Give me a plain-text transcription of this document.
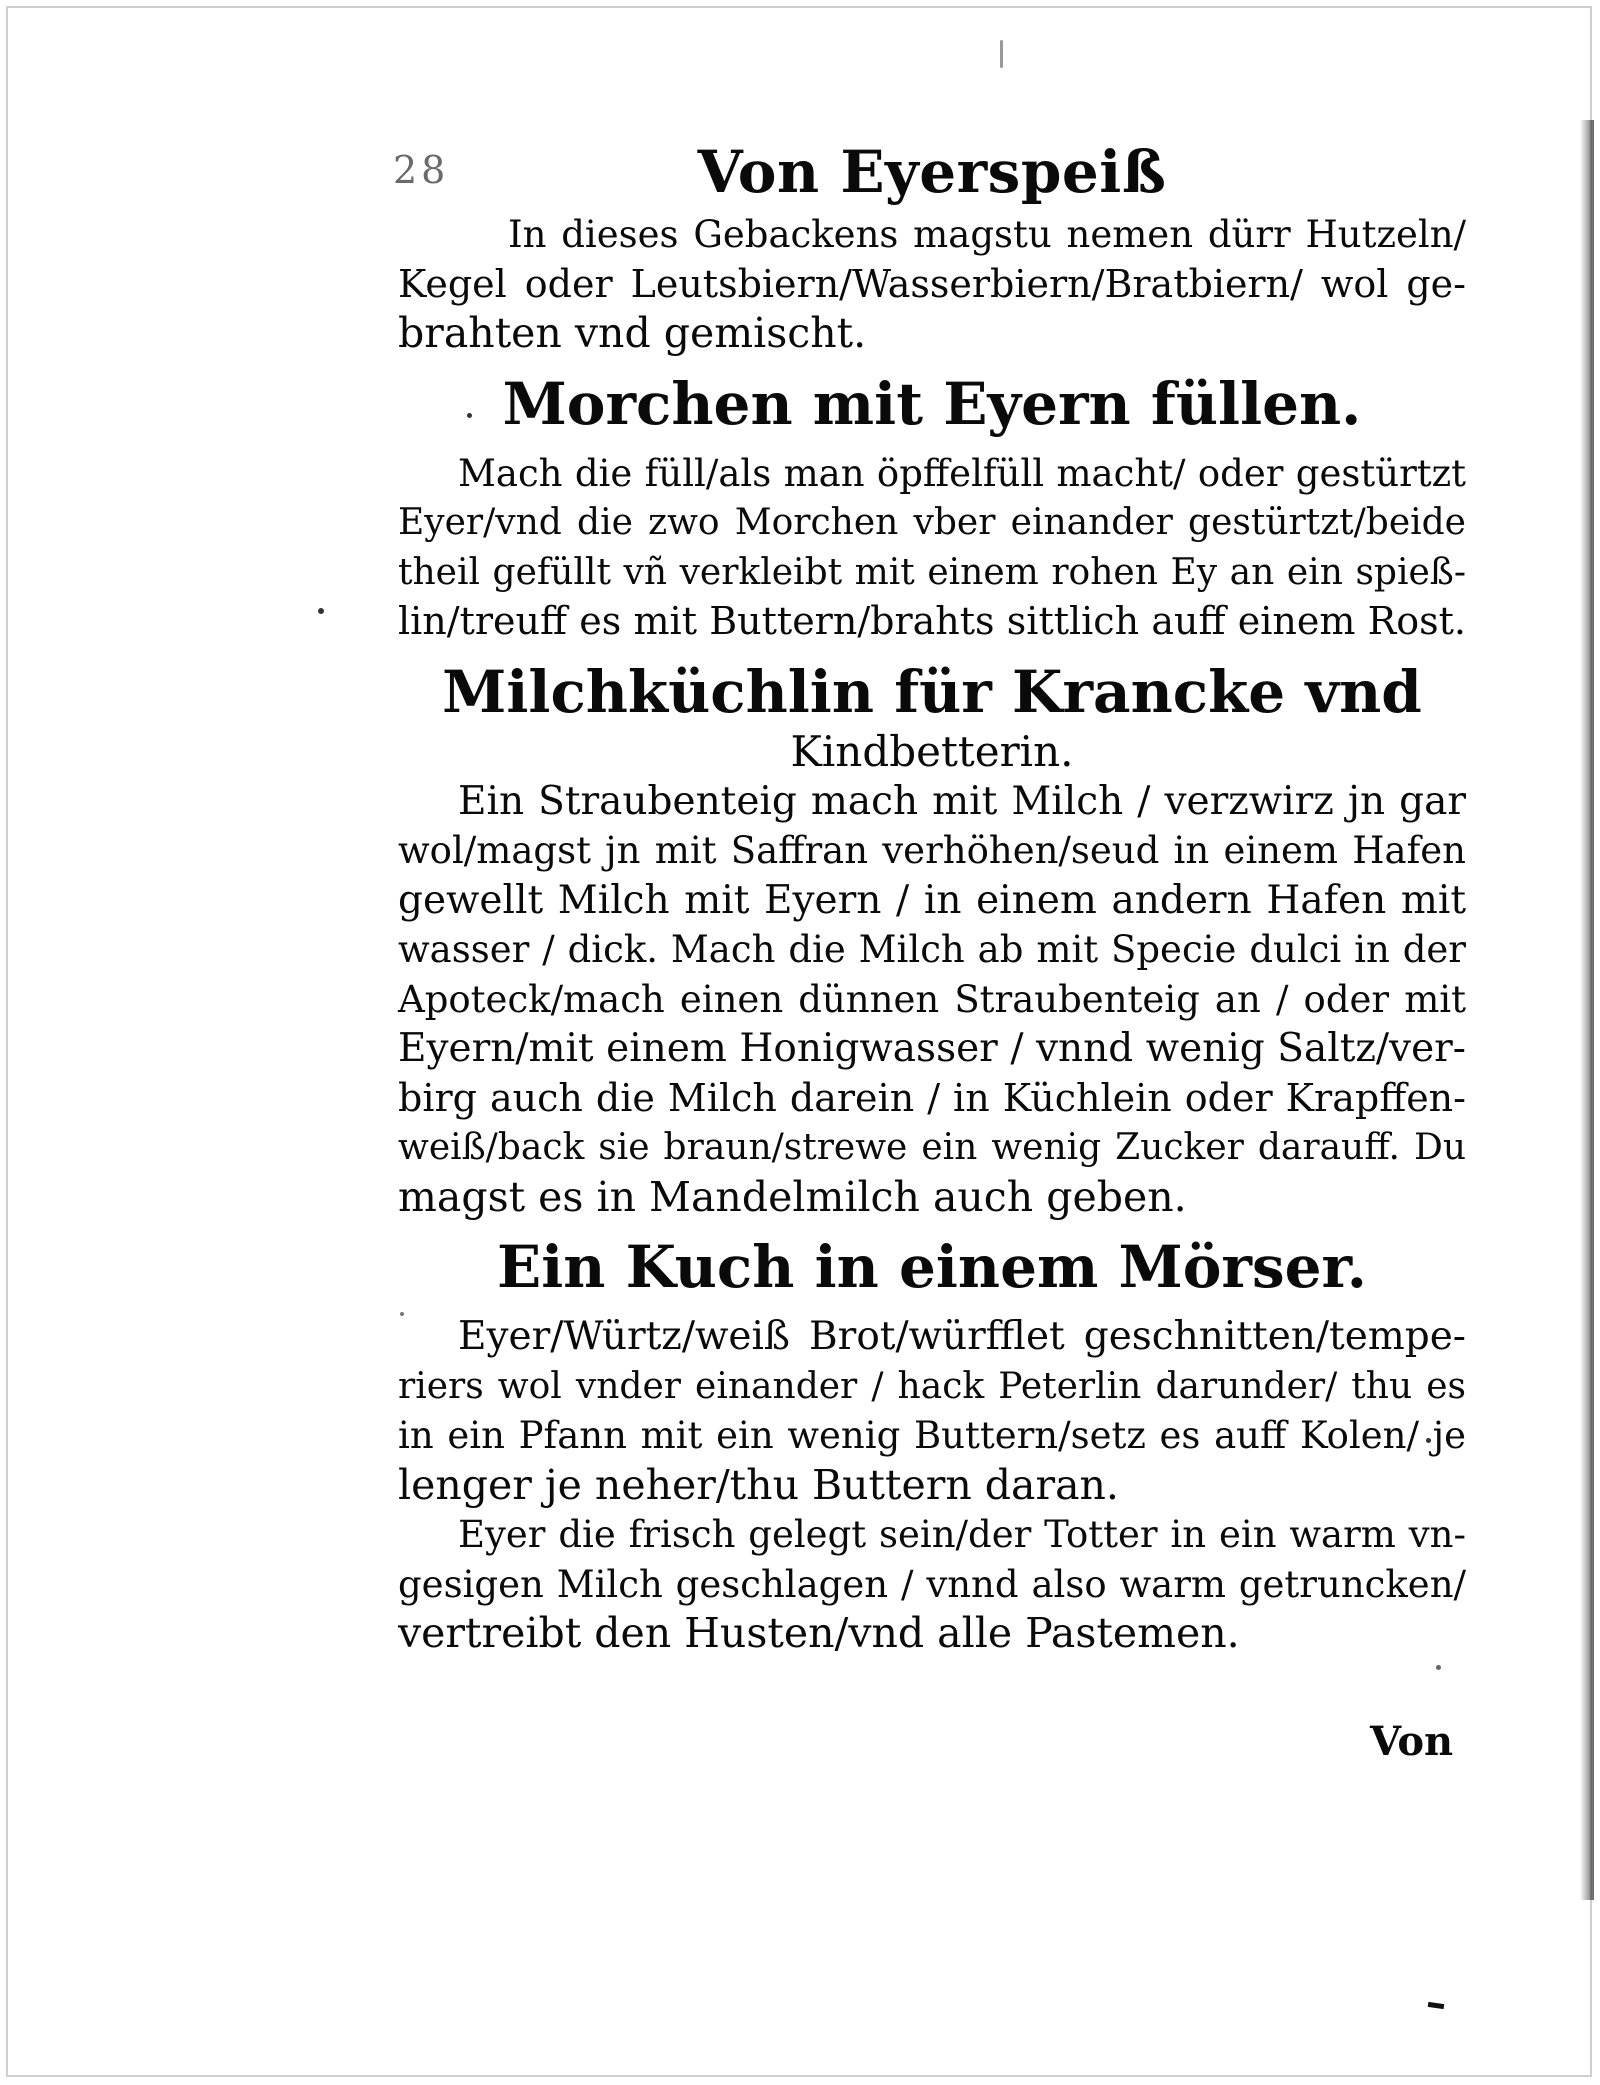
28	Von Eyerspeiß
In dieses Gebackens magstu nemen dürr Hutzeln/
Kegel oder Leutsbiern/Wasserbiern/Bratbiern/ wol ge-
brahten vnd gemischt.
Morchen mit Eyern füllen.
Mach die füll/als man öpffelfüll macht/ oder gestürtzt
Eyer/vnd die zwo Morchen vber einander gestürtzt/beide
theil gefüllt vñ verkleibt mit einem rohen Ey an ein spieß-
lin/treuff es mit Buttern/brahts sittlich auff einem Rost.
Milchküchlin für Krancke vnd
Kindbetterin.
Ein Straubenteig mach mit Milch / verzwirz jn gar
wol/magst jn mit Saffran verhöhen/seud in einem Hafen
gewellt Milch mit Eyern / in einem andern Hafen mit
wasser / dick. Mach die Milch ab mit Specie dulci in der
Apoteck/mach einen dünnen Straubenteig an / oder mit
Eyern/mit einem Honigwasser / vnnd wenig Saltz/ver-
birg auch die Milch darein / in Küchlein oder Krapffen-
weiß/back sie braun/strewe ein wenig Zucker darauff. Du
magst es in Mandelmilch auch geben.
Ein Kuch in einem Mörser.
Eyer/Würtz/weiß Brot/würfflet geschnitten/tempe-
riers wol vnder einander / hack Peterlin darunder/ thu es
in ein Pfann mit ein wenig Buttern/setz es auff Kolen/ je
lenger je neher/thu Buttern daran.
Eyer die frisch gelegt sein/der Totter in ein warm vn-
gesigen Milch geschlagen / vnnd also warm getruncken/
vertreibt den Husten/vnd alle Pastemen.
Von
